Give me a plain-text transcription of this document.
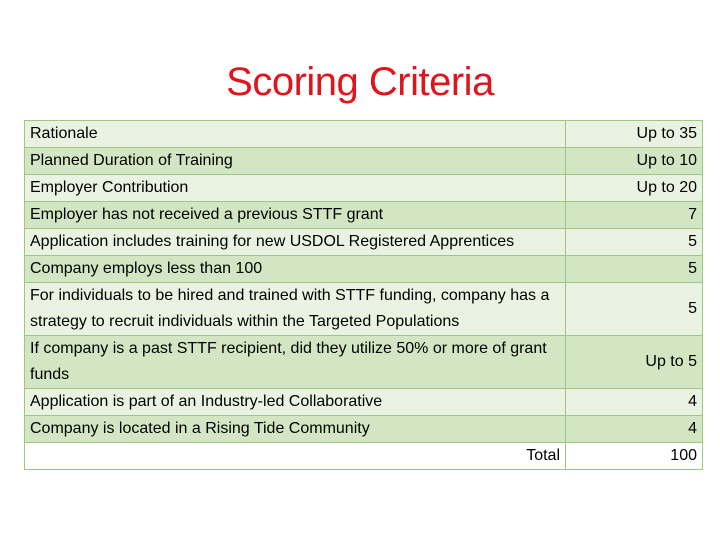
Scoring Criteria
Rationale	Up to 35
Planned Duration of Training	Up to 10
Employer Contribution	Up to 20
Employer has not received a previous STTF grant	7
Application includes training for new USDOL Registered Apprentices	5
Company employs less than 100	5
For individuals to be hired and trained with STTF funding, company has a strategy to recruit individuals within the Targeted Populations	5
If company is a past STTF recipient, did they utilize 50% or more of grant funds	Up to 5
Application is part of an Industry-led Collaborative	4
Company is located in a Rising Tide Community	4
Total	100
